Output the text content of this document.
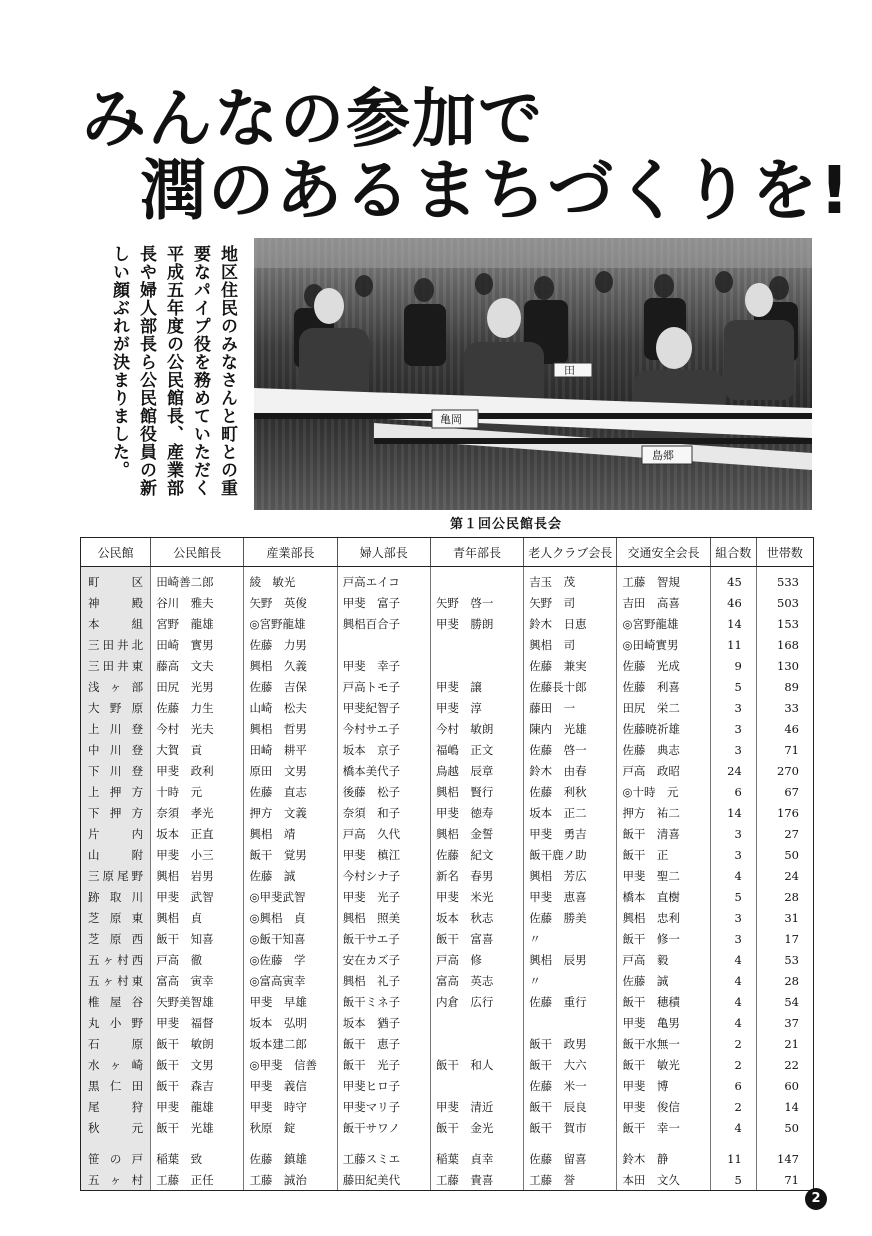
みんなの参加で
潤のあるまちづくりを!

地区住民のみなさんと町との重要なパイプ役を務めていただく平成五年度の公民館長、産業部長や婦人部長ら公民館役員の新しい顔ぶれが決まりました。	亀岡
島郷
田

第１回公民館長会

公民館	公民館長	産業部長	婦人部長	青年部長	老人クラブ会長	交通安全会長	組合数	世帯数
町　区	田崎善二郎	綾　敏光	戸高エイコ		吉玉　茂	工藤　智規	45	533
神　殿	谷川　雅夫	矢野　英俊	甲斐　富子	矢野　啓一	矢野　司	吉田　高喜	46	503
本　組	宮野　龍雄	◎宮野龍雄	興梠百合子	甲斐　勝朗	鈴木　日恵	◎宮野龍雄	14	153
三田井北	田崎　實男	佐藤　力男			興梠　司	◎田崎實男	11	168
三田井東	藤高　文夫	興梠　久義	甲斐　幸子		佐藤　兼実	佐藤　光成	9	130
浅ヶ部	田尻　光男	佐藤　吉保	戸高トモ子	甲斐　譲	佐藤長十郎	佐藤　利喜	5	89
大野原	佐藤　力生	山崎　松夫	甲斐紀智子	甲斐　淳	藤田　一	田尻　栄二	3	33
上川登	今村　光夫	興梠　哲男	今村サエ子	今村　敏朗	陳内　光雄	佐藤暁祈雄	3	46
中川登	大賀　貢	田崎　耕平	坂本　京子	福嶋　正文	佐藤　啓一	佐藤　典志	3	71
下川登	甲斐　政利	原田　文男	橋本美代子	鳥越　辰章	鈴木　由春	戸高　政昭	24	270
上押方	十時　元	佐藤　直志	後藤　松子	興梠　賢行	佐藤　利秋	◎十時　元	6	67
下押方	奈須　孝光	押方　文義	奈須　和子	甲斐　徳寿	坂本　正二	押方　祐二	14	176
片　内	坂本　正直	興梠　靖	戸高　久代	興梠　金誓	甲斐　勇吉	飯干　清喜	3	27
山　附	甲斐　小三	飯干　覚男	甲斐　槙江	佐藤　紀文	飯干鹿ノ助	飯干　正	3	50
三原尾野	興梠　岩男	佐藤　誠	今村シナ子	新名　春男	興梠　芳広	甲斐　聖二	4	24
跡取川	甲斐　武智	◎甲斐武智	甲斐　光子	甲斐　米光	甲斐　恵喜	橋本　直樹	5	28
芝原東	興梠　貞	◎興梠　貞	興梠　照美	坂本　秋志	佐藤　勝美	興梠　忠利	3	31
芝原西	飯干　知喜	◎飯干知喜	飯干サエ子	飯干　富喜	〃	飯干　修一	3	17
五ヶ村西	戸高　徹	◎佐藤　学	安在カズ子	戸高　修	興梠　辰男	戸高　毅	4	53
五ヶ村東	富高　寅幸	◎富高寅幸	興梠　礼子	富高　英志	〃	佐藤　誠	4	28
椎屋谷	矢野美智雄	甲斐　早雄	飯干ミネ子	内倉　広行	佐藤　重行	飯干　穂積	4	54
丸小野	甲斐　福督	坂本　弘明	坂本　猶子			甲斐　亀男	4	37
石　原	飯干　敏朗	坂本建二郎	飯干　恵子		飯干　政男	飯干水無一	2	21
水ヶ崎	飯干　文男	◎甲斐　信善	飯干　光子	飯干　和人	飯干　大六	飯干　敏光	2	22
黒仁田	飯干　森吉	甲斐　義信	甲斐ヒロ子		佐藤　米一	甲斐　博	6	60
尾　狩	甲斐　龍雄	甲斐　時守	甲斐マリ子	甲斐　清近	飯干　辰良	甲斐　俊信	2	14
秋　元	飯干　光雄	秋原　錠	飯干サワノ	飯干　金光	飯干　賀市	飯干　幸一	4	50

笹の戸	稲葉　致	佐藤　鎮雄	工藤スミエ	稲葉　貞幸	佐藤　留喜	鈴木　静	11	147
五ヶ村	工藤　正任	工藤　誠治	藤田紀美代	工藤　貴喜	工藤　誉	本田　文久	5	71
2
